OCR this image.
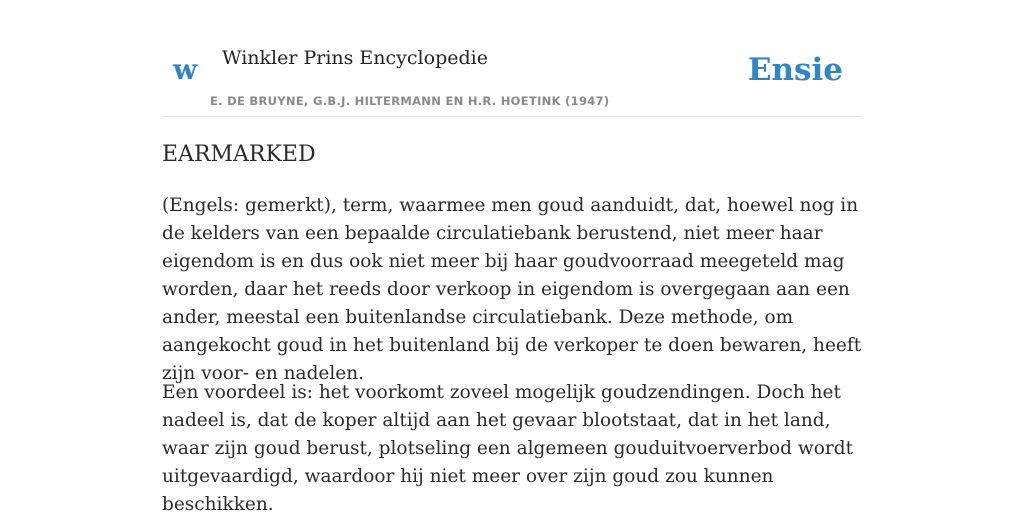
w Winkler Prins Encyclopedie
E. DE BRUYNE, G.B.J. HILTERMANN EN H.R. HOETINK (1947)
Ensie
EARMARKED

(Engels: gemerkt), term, waarmee men goud aanduidt, dat, hoewel nog in de kelders van een bepaalde circulatiebank berustend, niet meer haar eigendom is en dus ook niet meer bij haar goudvoorraad meegeteld mag worden, daar het reeds door verkoop in eigendom is overgegaan aan een ander, meestal een buitenlandse circulatiebank. Deze methode, om aangekocht goud in het buitenland bij de verkoper te doen bewaren, heeft zijn voor- en nadelen.

Een voordeel is: het voorkomt zoveel mogelijk goudzendingen. Doch het nadeel is, dat de koper altijd aan het gevaar blootstaat, dat in het land, waar zijn goud berust, plotseling een algemeen gouduitvoerverbod wordt uitgevaardigd, waardoor hij niet meer over zijn goud zou kunnen beschikken.
